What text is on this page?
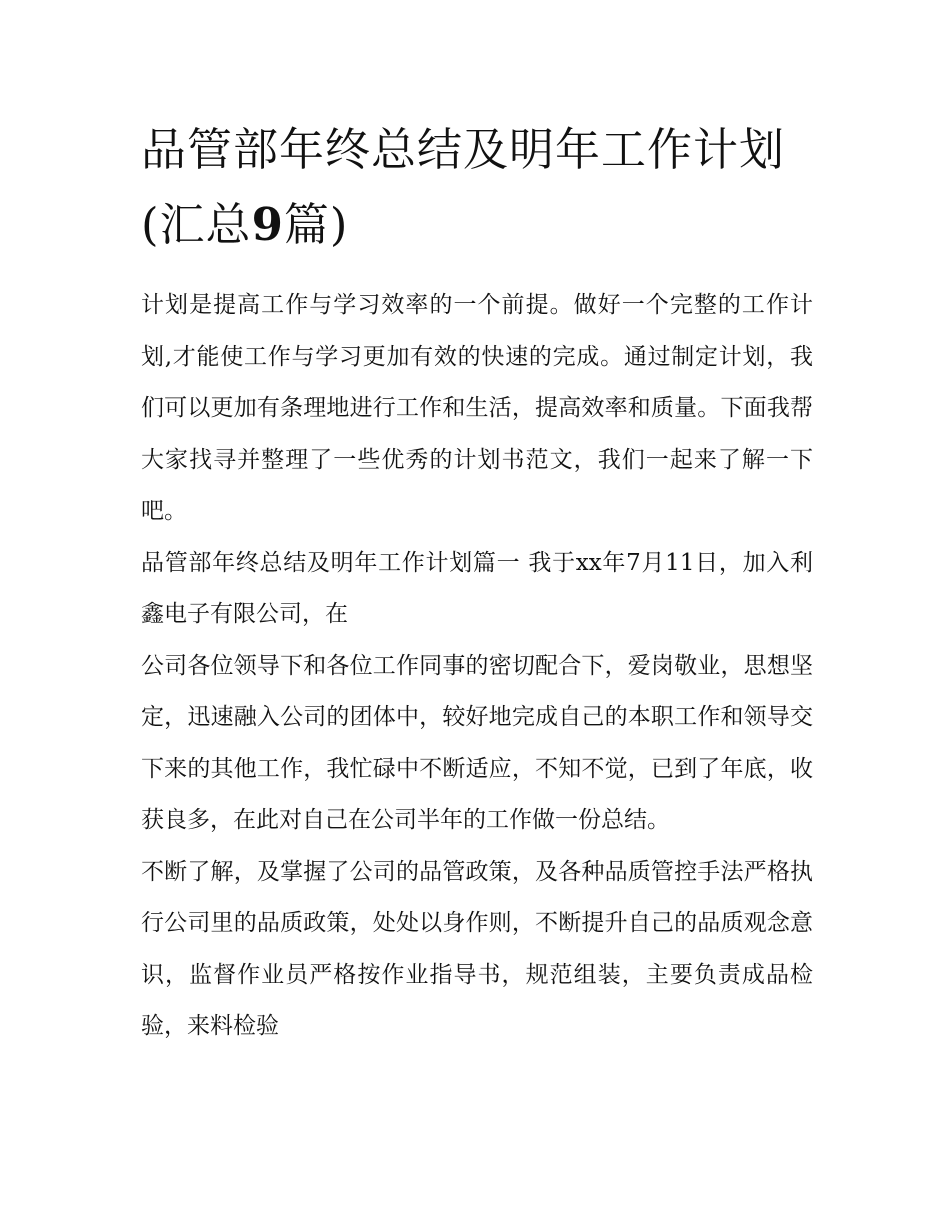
品管部年终总结及明年工作计划(汇总9篇)

计划是提高工作与学习效率的一个前提。做好一个完整的工作计划,才能使工作与学习更加有效的快速的完成。通过制定计划，我们可以更加有条理地进行工作和生活，提高效率和质量。下面我帮大家找寻并整理了一些优秀的计划书范文，我们一起来了解一下吧。

品管部年终总结及明年工作计划篇一 我于xx年7月11日，加入利鑫电子有限公司，在

公司各位领导下和各位工作同事的密切配合下，爱岗敬业，思想坚定，迅速融入公司的团体中，较好地完成自己的本职工作和领导交下来的其他工作，我忙碌中不断适应，不知不觉，已到了年底，收获良多，在此对自己在公司半年的工作做一份总结。

不断了解，及掌握了公司的品管政策，及各种品质管控手法严格执行公司里的品质政策，处处以身作则，不断提升自己的品质观念意识，监督作业员严格按作业指导书，规范组装，主要负责成品检验，来料检验
